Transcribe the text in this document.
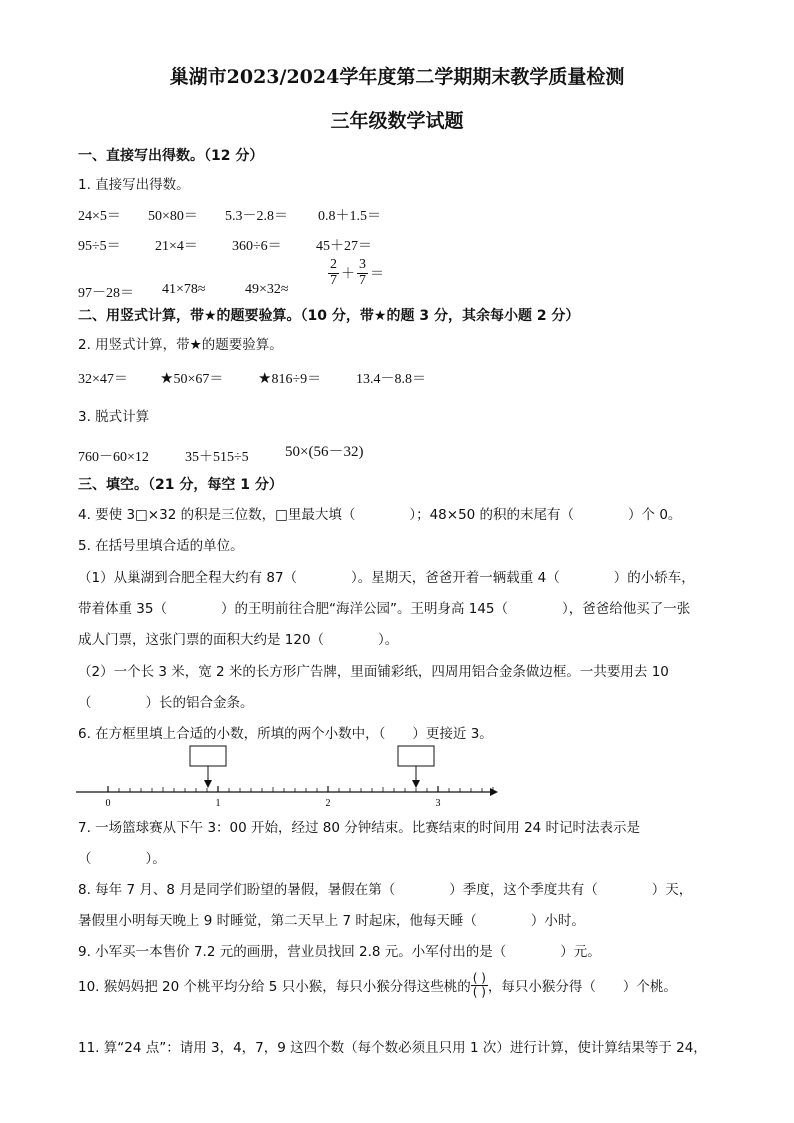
巢湖市2023/2024学年度第二学期期末教学质量检测
三年级数学试题
一、直接写出得数。（12 分）
1. 直接写出得数。
24×5＝ 50×80＝ 5.3－2.8＝ 0.8＋1.5＝
95÷5＝ 21×4＝ 360÷6＝ 45＋27＝
97－28＝ 41×78≈	49×32≈
$\frac{2}{7} + \frac{3}{7}$ ＝
二、用竖式计算，带★的题要验算。（10 分，带★的题 3 分，其余每小题 2 分）
2. 用竖式计算，带★的题要验算。
32×47＝ ★50×67＝ ★816÷9＝ 13.4－8.8＝
3. 脱式计算
760－60×12	35＋515÷5 50×(56－32)
三、填空。（21 分，每空 1 分）
4. 要使 3□×32 的积是三位数，□里最大填（　　　　）；48×50 的积的末尾有（　　　　）个 0。
5. 在括号里填合适的单位。
（1）从巢湖到合肥全程大约有 87（　　　　）。星期天，爸爸开着一辆载重 4（　　　　）的小轿车，
带着体重 35（　　　　）的王明前往合肥“海洋公园”。王明身高 145（　　　　），爸爸给他买了一张
成人门票，这张门票的面积大约是 120（　　　　）。
（2）一个长 3 米，宽 2 米的长方形广告牌，里面铺彩纸，四周用铝合金条做边框。一共要用去 10
（　　　　）长的铝合金条。
6. 在方框里填上合适的小数，所填的两个小数中，（　　）更接近 3。
0	1	2	3
7. 一场篮球赛从下午 3：00 开始，经过 80 分钟结束。比赛结束的时间用 24 时记时法表示是
（　　　　）。
8. 每年 7 月、8 月是同学们盼望的暑假，暑假在第（　　　　）季度，这个季度共有（　　　　）天，
暑假里小明每天晚上 9 时睡觉，第二天早上 7 时起床，他每天睡（　　　　）小时。
9. 小军买一本售价 7.2 元的画册，营业员找回 2.8 元。小军付出的是（　　　　）元。
10. 猴妈妈把 20 个桃平均分给 5 只小猴，每只小猴分得这些桃的 $\frac{( )}{( )}$ ，每只小猴分得（　　）个桃。
11. 算“24 点”：请用 3，4，7，9 这四个数（每个数必须且只用 1 次）进行计算，使计算结果等于 24，
